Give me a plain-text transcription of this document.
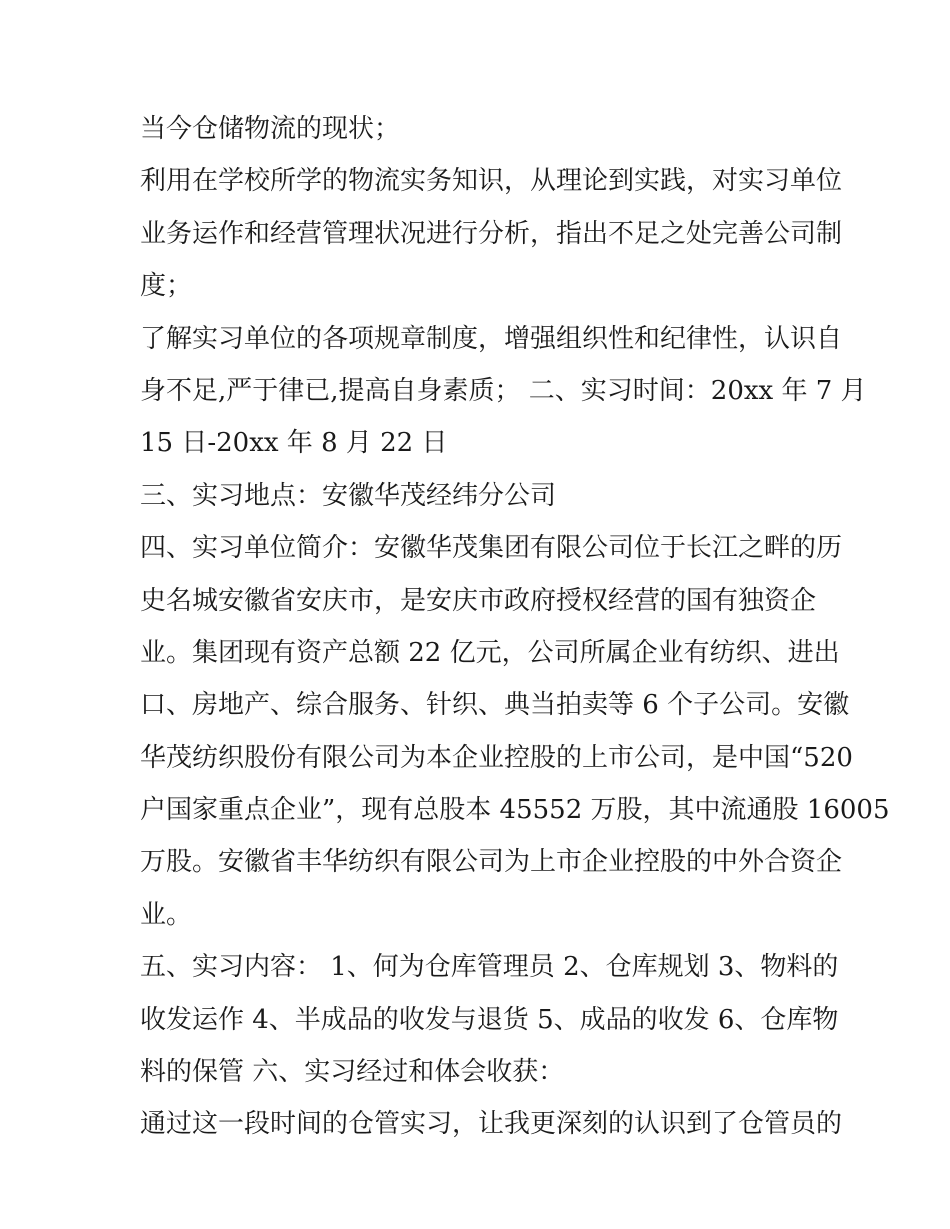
当今仓储物流的现状；
利用在学校所学的物流实务知识，从理论到实践，对实习单位
业务运作和经营管理状况进行分析，指出不足之处完善公司制
度；
了解实习单位的各项规章制度，增强组织性和纪律性，认识自
身不足,严于律已,提高自身素质； 二、实习时间：20xx 年 7 月
15 日-20xx 年 8 月 22 日
三、实习地点：安徽华茂经纬分公司
四、实习单位简介：安徽华茂集团有限公司位于长江之畔的历
史名城安徽省安庆市，是安庆市政府授权经营的国有独资企
业。集团现有资产总额 22 亿元，公司所属企业有纺织、进出
口、房地产、综合服务、针织、典当拍卖等 6 个子公司。安徽
华茂纺织股份有限公司为本企业控股的上市公司，是中国“520
户国家重点企业”，现有总股本 45552 万股，其中流通股 16005
万股。安徽省丰华纺织有限公司为上市企业控股的中外合资企
业。
五、实习内容： 1、何为仓库管理员 2、仓库规划 3、物料的
收发运作 4、半成品的收发与退货 5、成品的收发 6、仓库物
料的保管 六、实习经过和体会收获：
通过这一段时间的仓管实习，让我更深刻的认识到了仓管员的
